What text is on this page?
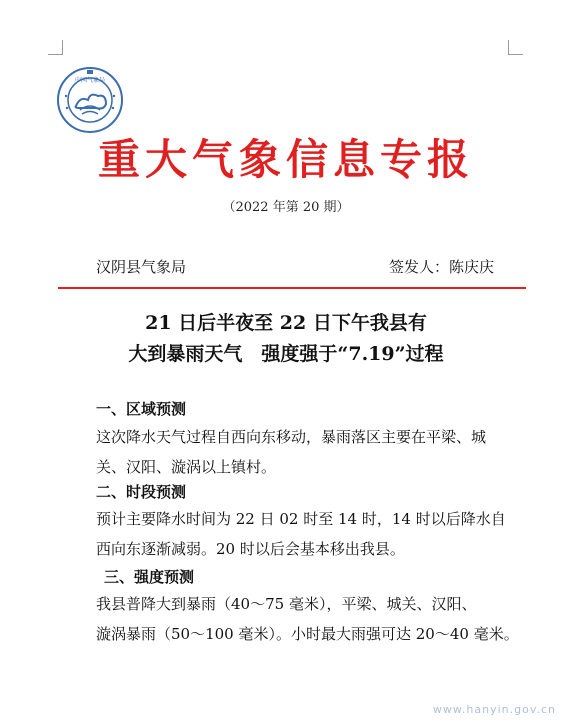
中国气象局
重大气象信息专报
（2022 年第 20 期）
汉阴县气象局	签发人：陈庆庆
21 日后半夜至 22 日下午我县有
大到暴雨天气　强度强于“7.19”过程
一、区域预测
这次降水天气过程自西向东移动，暴雨落区主要在平梁、城
关、汉阳、漩涡以上镇村。
二、时段预测
预计主要降水时间为 22 日 02 时至 14 时，14 时以后降水自
西向东逐渐减弱。20 时以后会基本移出我县。
三、强度预测
我县普降大到暴雨（40～75 毫米），平梁、城关、汉阳、
漩涡暴雨（50～100 毫米）。小时最大雨强可达 20～40 毫米。
www.hanyin.gov.cn
